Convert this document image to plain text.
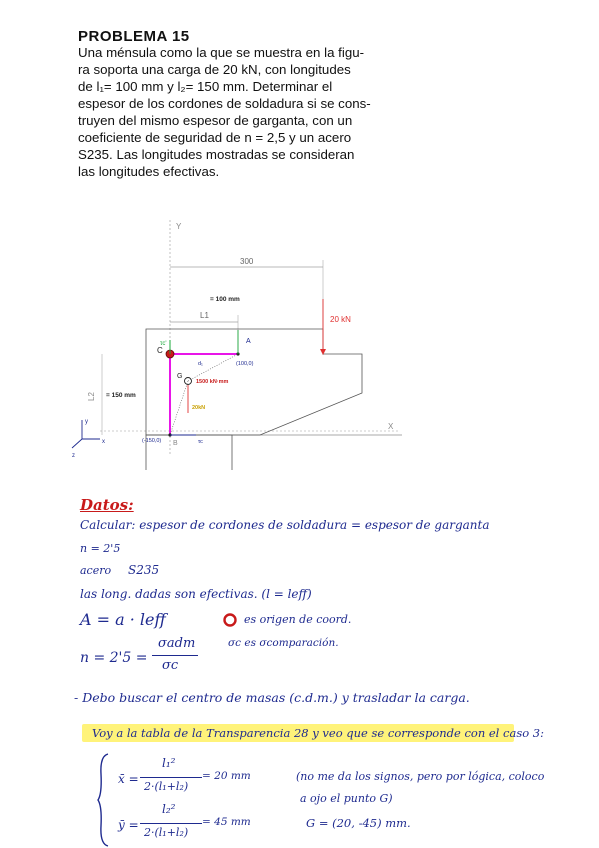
PROBLEMA 15
Una ménsula como la que se muestra en la figu-
ra soporta una carga de 20 kN, con longitudes
de l₁= 100 mm y l₂= 150 mm. Determinar el
espesor de los cordones de soldadura si se cons-
truyen del mismo espesor de garganta, con un
coeficiente de seguridad de n = 2,5 y un acero
S235. Las longitudes mostradas se consideran
las longitudes efectivas.
Y
X
300
L1
= 100 mm
20 kN
L2 = 150 mm
C
τc'	A
(100,0)
G
1500 kN·mm
20kN
d₁
B
(-150,0)	τc
y
x
z
Datos:
Calcular: espesor de cordones de soldadura = espesor de garganta
n = 2'5
acero S235
las long. dadas son efectivas. (l = leff)
A = a · leff	es origen de coord.
n = 2'5 =
σadm
σc
σc es σcomparación.
- Debo buscar el centro de masas (c.d.m.) y trasladar la carga.
Voy a la tabla de la Transparencia 28 y veo que se corresponde con el caso 3:
x̄ =
l₁²
2·(l₁+l₂)
= 20 mm
ȳ =
l₂²
2·(l₁+l₂)
= 45 mm
(no me da los signos, pero por lógica, coloco
a ojo el punto G)
G = (20, -45) mm.
